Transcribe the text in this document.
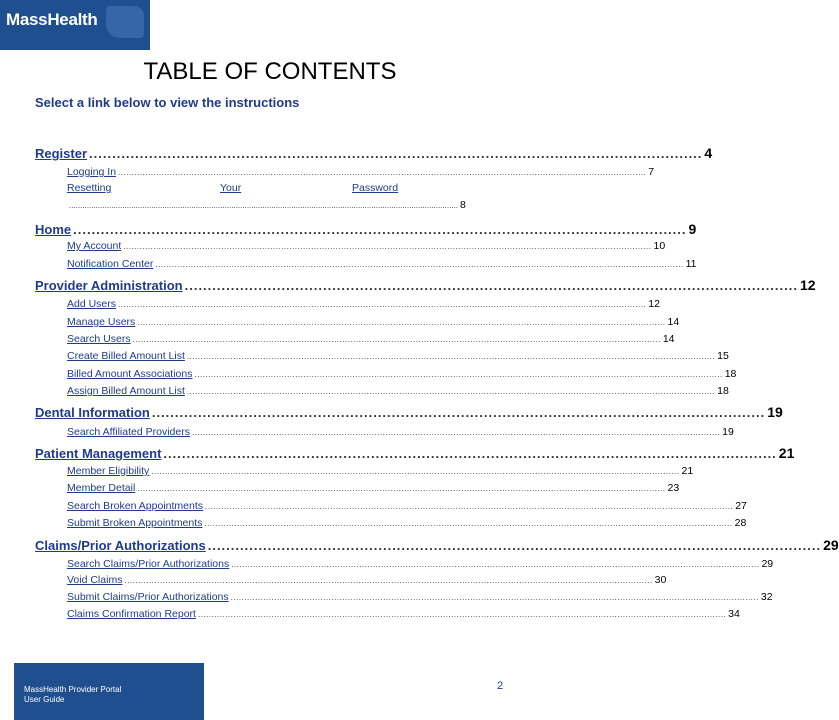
MassHealth
TABLE OF CONTENTS
Select a link below to view the instructions
Register ..................................................................................................................................... 4
Logging In .................................................................................................................................................................................................. 7
Resetting	Your	Password
............................................................................................................................................................................... 8
Home ..................................................................................................................................... 9
My Account .................................................................................................................................................................................................. 10
Notification Center .................................................................................................................................................................................................. 11
Provider Administration ..................................................................................................................................... 12
Add Users .................................................................................................................................................................................................. 12
Manage Users .................................................................................................................................................................................................. 14
Search Users .................................................................................................................................................................................................. 14
Create Billed Amount List .................................................................................................................................................................................................. 15
Billed Amount Associations .................................................................................................................................................................................................. 18
Assign Billed Amount List .................................................................................................................................................................................................. 18
Dental Information ..................................................................................................................................... 19
Search Affiliated Providers .................................................................................................................................................................................................. 19
Patient Management ..................................................................................................................................... 21
Member Eligibility .................................................................................................................................................................................................. 21
Member Detail .................................................................................................................................................................................................. 23
Search Broken Appointments .................................................................................................................................................................................................. 27
Submit Broken Appointments .................................................................................................................................................................................................. 28
Claims/Prior Authorizations ..................................................................................................................................... 29
Search Claims/Prior Authorizations .................................................................................................................................................................................................. 29
Void Claims .................................................................................................................................................................................................. 30
Submit Claims/Prior Authorizations .................................................................................................................................................................................................. 32
Claims Confirmation Report .................................................................................................................................................................................................. 34
MassHealth Provider Portal
User Guide
2
